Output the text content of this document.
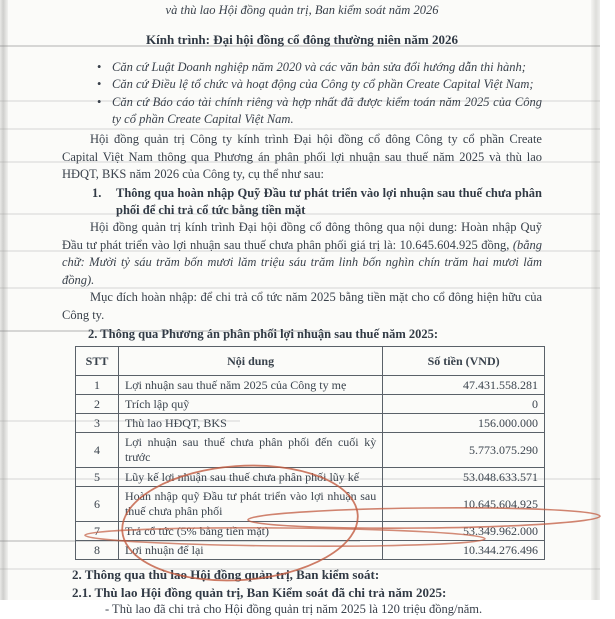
và thù lao Hội đồng quản trị, Ban kiểm soát năm 2026
Kính trình: Đại hội đồng cổ đông thường niên năm 2026
• Căn cứ Luật Doanh nghiệp năm 2020 và các văn bản sửa đổi hướng dẫn thi hành;
• Căn cứ Điều lệ tổ chức và hoạt động của Công ty cổ phần Create Capital Việt Nam;
• Căn cứ Báo cáo tài chính riêng và hợp nhất đã được kiểm toán năm 2025 của Công ty cổ phần Create Capital Việt Nam.

Hội đồng quản trị Công ty kính trình Đại hội đồng cổ đông Công ty cổ phần Create Capital Việt Nam thông qua Phương án phân phối lợi nhuận sau thuế năm 2025 và thù lao HĐQT, BKS năm 2026 của Công ty, cụ thể như sau:

1. Thông qua hoàn nhập Quỹ Đầu tư phát triển vào lợi nhuận sau thuế chưa phân phối để chi trả cổ tức bằng tiền mặt

Hội đồng quản trị kính trình Đại hội đồng cổ đông thông qua nội dung: Hoàn nhập Quỹ Đầu tư phát triển vào lợi nhuận sau thuế chưa phân phối giá trị là: 10.645.604.925 đồng, (bằng chữ: Mười tỷ sáu trăm bốn mươi lăm triệu sáu trăm linh bốn nghìn chín trăm hai mươi lăm đồng).

Mục đích hoàn nhập: để chi trả cổ tức năm 2025 bằng tiền mặt cho cổ đông hiện hữu của Công ty.

2. Thông qua Phương án phân phối lợi nhuận sau thuế năm 2025:
STT	Nội dung	Số tiền (VND)
1	Lợi nhuận sau thuế năm 2025 của Công ty mẹ	47.431.558.281
2	Trích lập quỹ	0
3	Thù lao HĐQT, BKS	156.000.000
4	Lợi nhuận sau thuế chưa phân phối đến cuối kỳ trước	5.773.075.290
5	Lũy kế lợi nhuận sau thuế chưa phân phối lũy kế	53.048.633.571
6	Hoàn nhập quỹ Đầu tư phát triển vào lợi nhuận sau thuế chưa phân phối	10.645.604.925
7	Trả cổ tức (5% bằng tiền mặt)	53.349.962.000
8	Lợi nhuận để lại	10.344.276.496
2. Thông qua thù lao Hội đồng quản trị, Ban kiểm soát:
2.1. Thù lao Hội đồng quản trị, Ban Kiểm soát đã chi trả năm 2025:
- Thù lao đã chi trả cho Hội đồng quản trị năm 2025 là 120 triệu đồng/năm.
